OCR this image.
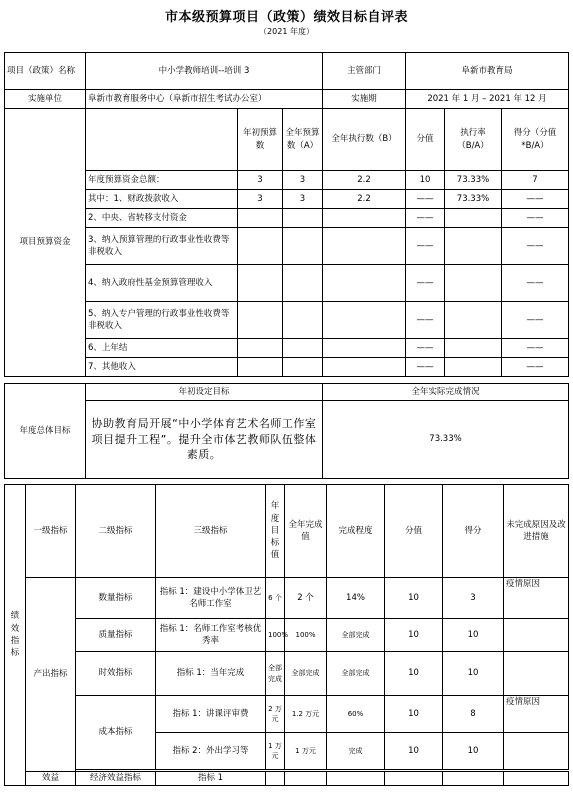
市本级预算项目（政策）绩效目标自评表
（2021 年度）
项目（政策）名称	中小学教师培训--培训 3	主管部门	阜新市教育局
实施单位	阜新市教育服务中心（阜新市招生考试办公室）	实施期	2021 年 1 月 – 2021 年 12 月
项目预算资金		年初预算数	全年预算数（A）	全年执行数（B）	分值	执行率（B/A）	得分（分值*B/A）
	年度预算资金总额：	3	3	2.2	10	73.33%	7
	其中：1、财政拨款收入	3	3	2.2	——	73.33%	——
	2、中央、省转移支付资金				——		——
	3、纳入预算管理的行政事业性收费等非税收入				——		——
	4、纳入政府性基金预算管理收入				——		——
	5、纳入专户管理的行政事业性收费等非税收入				——		——
	6、上年结				——		——
	7、其他收入				——		——
年度总体目标	年初设定目标	全年实际完成情况
	协助教育局开展“中小学体育艺术名师工作室项目提升工程”。提升全市体艺教师队伍整体素质。	73.33%
绩效指标	一级指标	二级指标	三级指标	年度目标值	全年完成值	完成程度	分值	得分	未完成原因及改进措施
	产出指标	数量指标	指标 1：建设中小学体卫艺名师工作室	6 个	2 个	14%	10	3	疫情原因
		质量指标	指标 1：名师工作室考核优秀率	100%	100%	全部完成	10	10	
		时效指标	指标 1：当年完成	全部完成	全部完成	全部完成	10	10	
		成本指标	指标 1：讲课评审费	2 万元	1.2 万元	60%	10	8	疫情原因
			指标 2：外出学习等	1 万元	1 万元	完成	10	10	

	效益	经济效益指标	指标 1						
